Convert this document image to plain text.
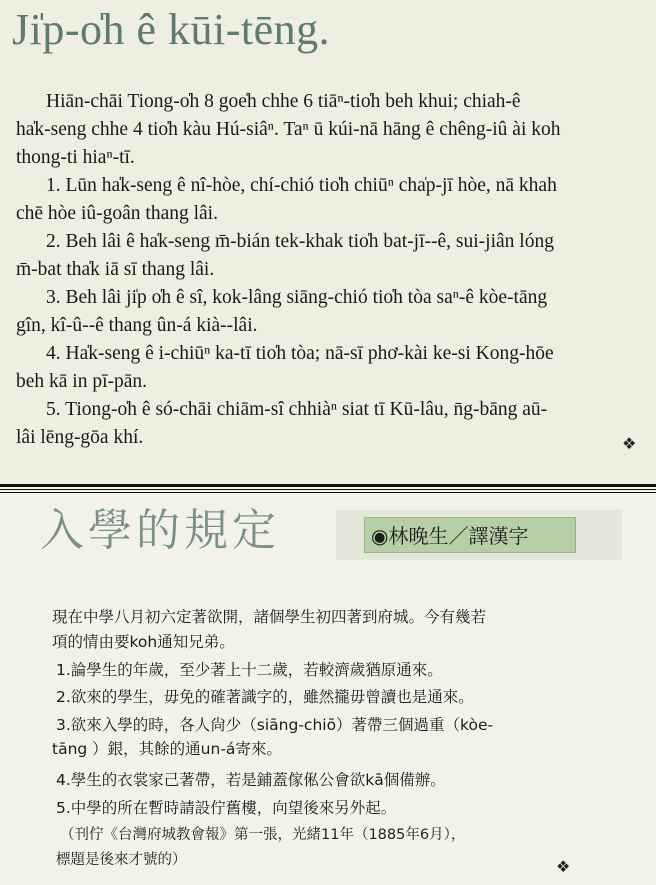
Ji̍p-o̍h ê kūi-tēng.
Hiān-chāi Tiong-o̍h 8 goe̍h chhe 6 tiāⁿ-tio̍h beh khui; chiah-ê
ha̍k-seng chhe 4 tio̍h kàu Hú-siâⁿ. Taⁿ ū kúi-nā hāng ê chêng-iû ài koh
thong-ti hiaⁿ-tī.
1. Lūn ha̍k-seng ê nî-hòe, chí-chió tio̍h chiūⁿ cha̍p-jī hòe, nā khah
chē hòe iû-goân thang lâi.
2. Beh lâi ê ha̍k-seng m̄-bián tek-khak tio̍h bat-jī--ê, sui-jiân lóng
m̄-bat tha̍k iā sī thang lâi.
3. Beh lâi ji̍p o̍h ê sî, kok-lâng siāng-chió tio̍h tòa saⁿ-ê kòe-tāng
gîn, kî-û--ê thang ûn-á kià--lâi.
4. Ha̍k-seng ê i-chiūⁿ ka-tī tio̍h tòa; nā-sī phơ-kài ke-si Kong-hōe
beh kā in pī-pān.
5. Tiong-o̍h ê só-chāi chiām-sî chhiàⁿ siat tī Kū-lâu, n̄g-bāng aū-
lâi lēng-gōa khí.	❖
入學的規定	◉林晚生／譯漢字
現在中學八月初六定著欲開，諸個學生初四著到府城。今有幾若
項的情由要koh通知兄弟。
1.論學生的年歲，至少著上十二歲，若較濟歲猶原通來。
2.欲來的學生，毋免的確著識字的，雖然攏毋曾讀也是通來。
3.欲來入學的時，各人尙少（siāng-chiō）著帶三個過重（kòe-
tāng ）銀，其餘的通un-á寄來。
4.學生的衣裳家己著帶，若是鋪蓋傢俬公會欲kā個備辦。
5.中學的所在暫時請設佇舊樓，向望後來另外起。
（刊佇《台灣府城教會報》第一張，光緒11年（1885年6月），
標題是後來才號的）	❖
